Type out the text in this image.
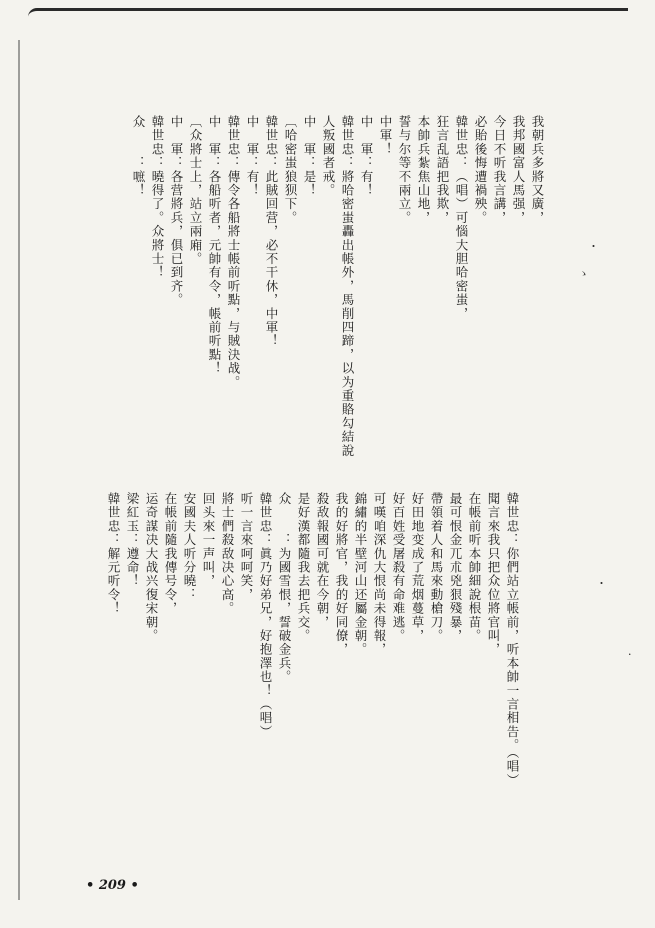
我朝兵多將又廣，
我邦國富人馬强，
今日不听我言講，
必貽後悔遭禍殃。
韓世忠：（唱）可惱大胆哈密蚩，
狂言乱語把我欺，
本帥兵紮焦山地，
誓与尔等不兩立。
中軍！
中　軍：有！
韓世忠：將哈密蚩轟出帳外，馬削四蹄，以为重賂勾結說
人叛國者戒。
中　軍：是！
〔哈密蚩狼狈下。
韓世忠：此賊回营，必不干休，中軍！
中　軍：有！
韓世忠：傳令各船將士帳前听點，与賊決战。
中　軍：各船听者，元帥有令，帳前听點！
〔众將士上，站立兩廂。
中　軍：各营將兵，俱已到齐。
韓世忠：曉得了。众將士！
众　　：嗻！

韓世忠：你們站立帳前，听本帥一言相告。（唱）
聞言來我只把众位將官叫，
在帳前听本帥細說根苗。
最可恨金兀朮兇狠殘暴，
帶領着人和馬來動槍刀。
好田地变成了荒烟蔓草，
好百姓受屠殺有命难逃。
可嘆咱深仇大恨尚未得報，
錦繡的半壁河山还屬金朝。
我的好將官，我的好同僚，
殺敌報國可就在今朝，
是好漢都隨我去把兵交。
众　　：为國雪恨，誓破金兵。
韓世忠：眞乃好弟兄，好抱澤也！（唱）
听一言來呵呵笑，
將士們殺敌决心高。
回头來一声叫，
安國夫人听分曉：
在帳前隨我傳号令，
运奇謀决大战兴復宋朝。
梁紅玉：遵命！
韓世忠：解元听令！
・
ゝ
・
·
• 209 •
